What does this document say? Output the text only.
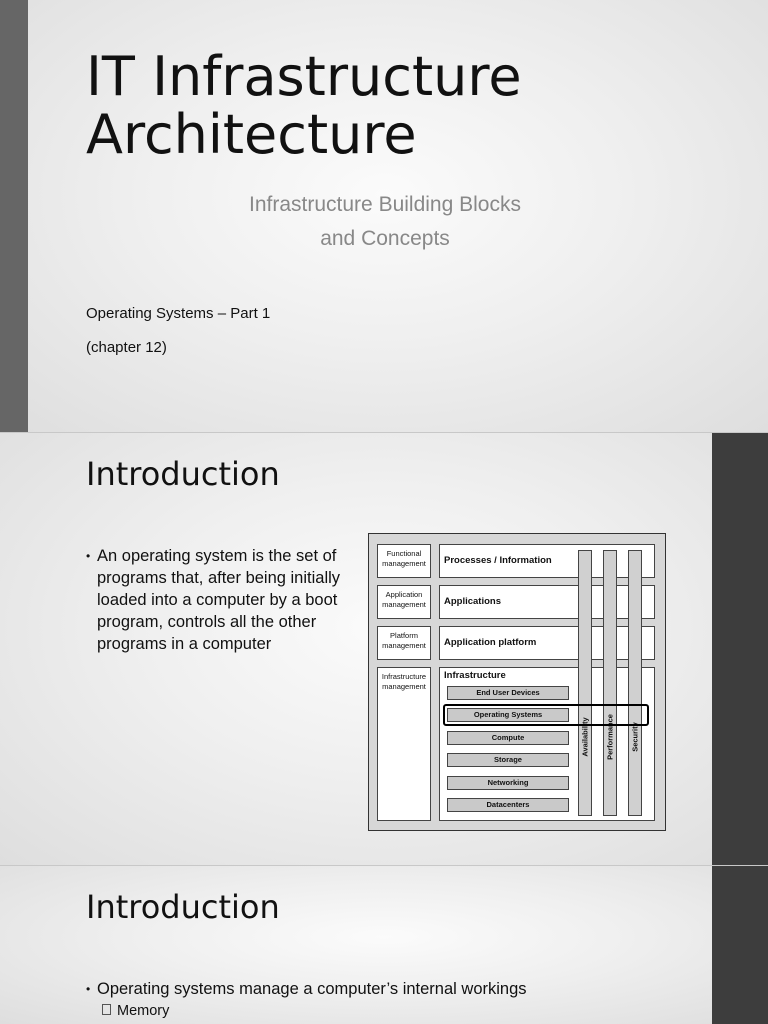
IT Infrastructure
Architecture
Infrastructure Building Blocks
and Concepts
Operating Systems – Part 1
(chapter 12)
Introduction
• An operating system is the set of programs that, after being initially loaded into a computer by a boot program, controls all the other programs in a computer
Functional management
Application management
Platform management
Infrastructure management
Processes / Information
Applications
Application platform
Infrastructure
End User Devices
Operating Systems
Compute
Storage
Networking
Datacenters
Availability Performance Security
Introduction
• Operating systems manage a computer’s internal workings
Memory
